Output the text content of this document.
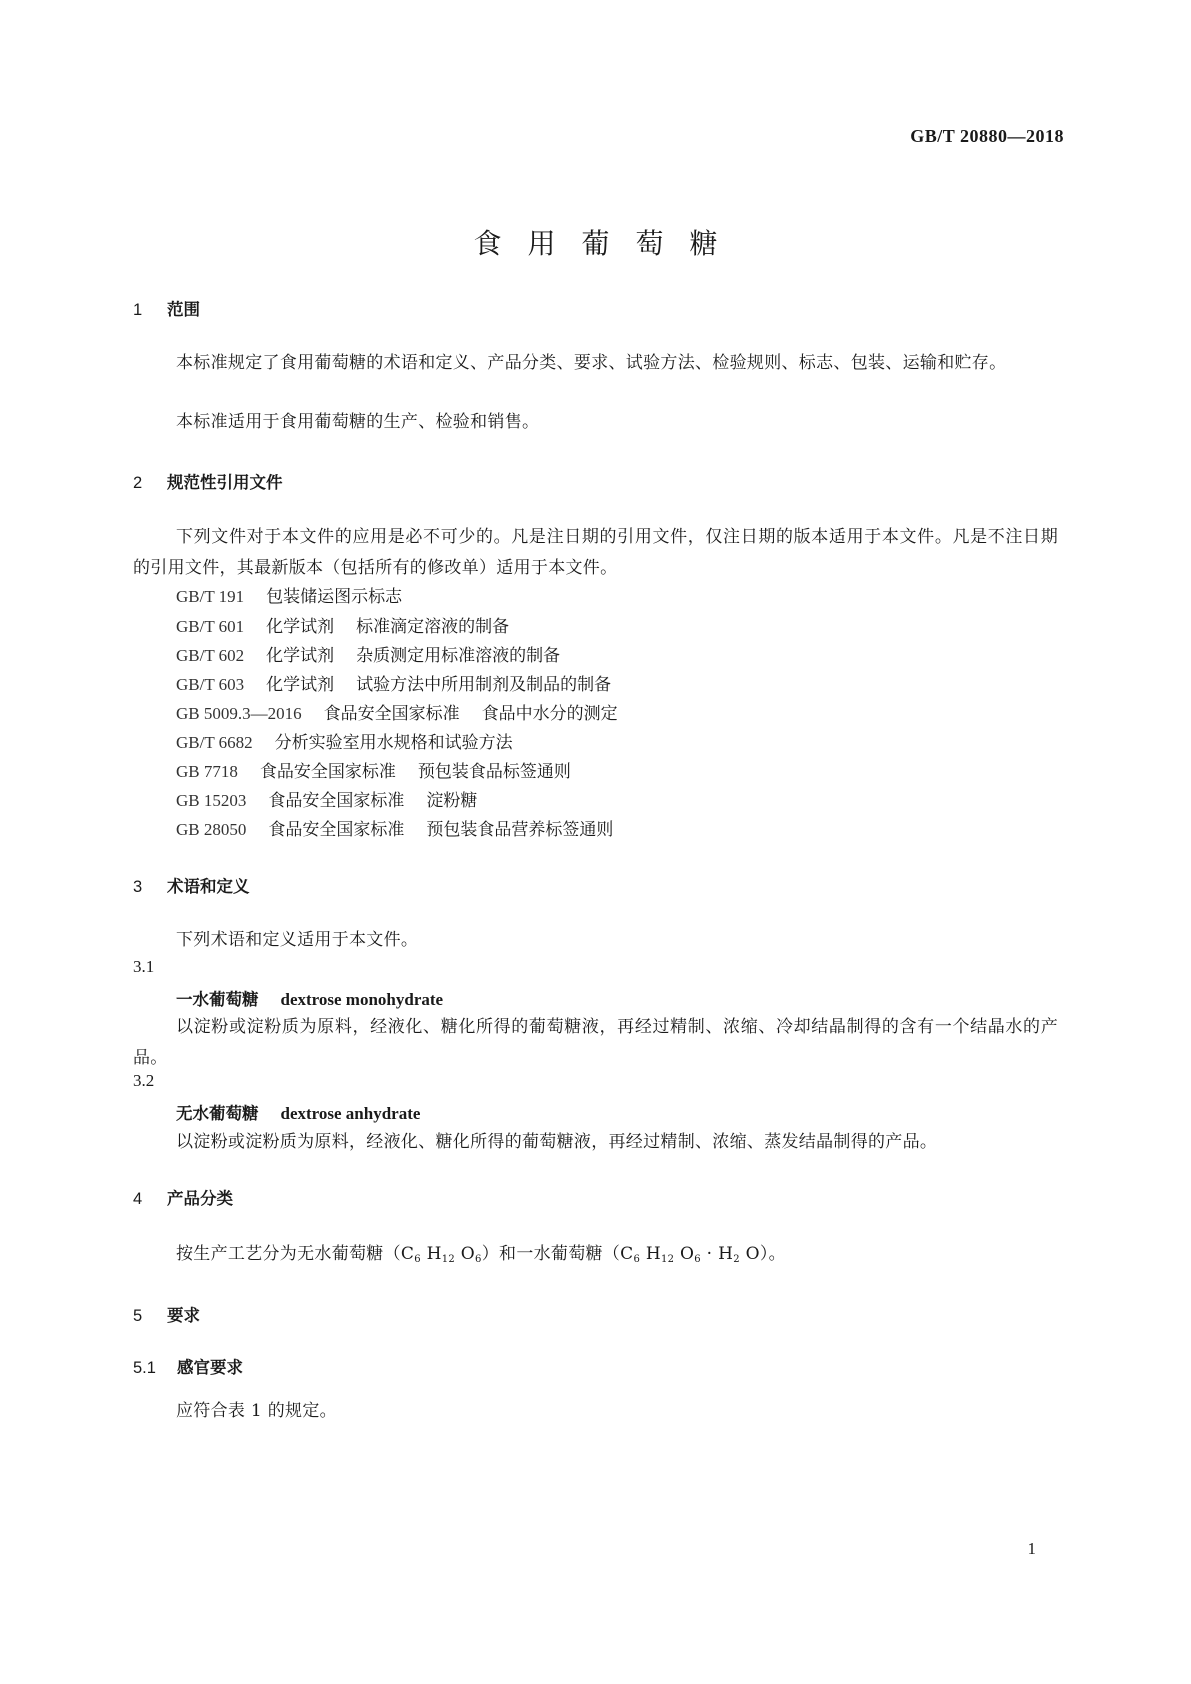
GB/T 20880—2018
食用葡萄糖
1 范围
本标准规定了食用葡萄糖的术语和定义、产品分类、要求、试验方法、检验规则、标志、包装、运输和贮存。
本标准适用于食用葡萄糖的生产、检验和销售。
2 规范性引用文件
下列文件对于本文件的应用是必不可少的。凡是注日期的引用文件，仅注日期的版本适用于本文件。凡是不注日期的引用文件，其最新版本（包括所有的修改单）适用于本文件。
GB/T 191 包装储运图示标志
GB/T 601 化学试剂 标准滴定溶液的制备
GB/T 602 化学试剂 杂质测定用标准溶液的制备
GB/T 603 化学试剂 试验方法中所用制剂及制品的制备
GB 5009.3—2016 食品安全国家标准 食品中水分的测定
GB/T 6682 分析实验室用水规格和试验方法
GB 7718 食品安全国家标准 预包装食品标签通则
GB 15203 食品安全国家标准 淀粉糖
GB 28050 食品安全国家标准 预包装食品营养标签通则
3 术语和定义
下列术语和定义适用于本文件。
3.1
一水葡萄糖 dextrose monohydrate
以淀粉或淀粉质为原料，经液化、糖化所得的葡萄糖液，再经过精制、浓缩、冷却结晶制得的含有一个结晶水的产品。
3.2
无水葡萄糖 dextrose anhydrate
以淀粉或淀粉质为原料，经液化、糖化所得的葡萄糖液，再经过精制、浓缩、蒸发结晶制得的产品。
4 产品分类
按生产工艺分为无水葡萄糖（$C_6$ $H_{12}$ $O_6$）和一水葡萄糖（$C_6$ $H_{12}$ $O_6 \cdot H_2$ O）。
5 要求
5.1 感官要求
应符合表 1 的规定。
1
